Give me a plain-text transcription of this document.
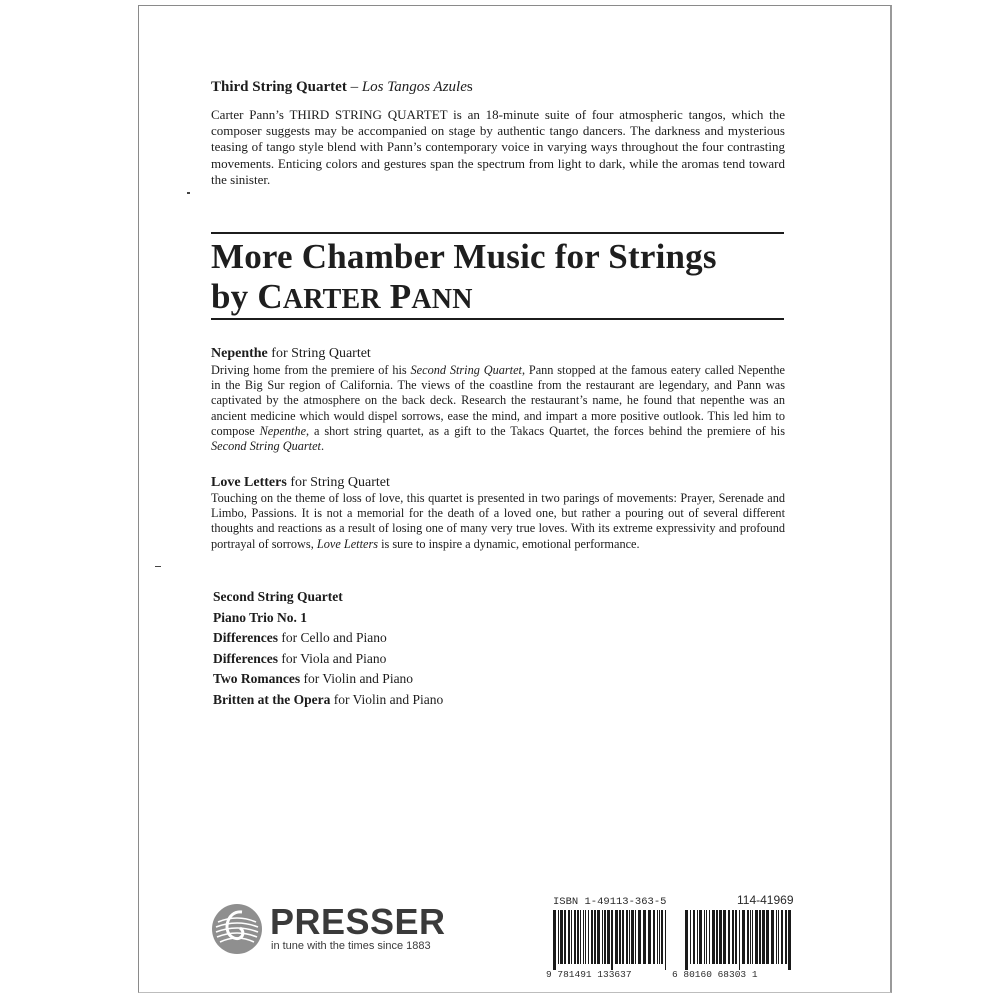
Third String Quartet – Los Tangos Azules
Carter Pann’s THIRD STRING QUARTET is an 18-minute suite of four atmospheric tangos, which the composer suggests may be accompanied on stage by authentic tango dancers. The darkness and mysterious teasing of tango style blend with Pann’s contemporary voice in varying ways throughout the four contrasting movements. Enticing colors and gestures span the spectrum from light to dark, while the aromas tend toward the sinister.
More Chamber Music for Strings
by CARTER PANN
Nepenthe for String Quartet
Driving home from the premiere of his Second String Quartet, Pann stopped at the famous eatery called Nepenthe in the Big Sur region of California. The views of the coastline from the restaurant are legendary, and Pann was captivated by the atmosphere on the back deck. Research the restaurant’s name, he found that nepenthe was an ancient medicine which would dispel sorrows, ease the mind, and impart a more positive outlook. This led him to compose Nepenthe, a short string quartet, as a gift to the Takacs Quartet, the forces behind the premiere of his Second String Quartet.
Love Letters for String Quartet
Touching on the theme of loss of love, this quartet is presented in two parings of movements: Prayer, Serenade and Limbo, Passions. It is not a memorial for the death of a loved one, but rather a pouring out of several different thoughts and reactions as a result of losing one of many very true loves. With its extreme expressivity and profound portrayal of sorrows, Love Letters is sure to inspire a dynamic, emotional performance.
Second String Quartet
Piano Trio No. 1
Differences for Cello and Piano
Differences for Viola and Piano
Two Romances for Violin and Piano
Britten at the Opera for Violin and Piano
PRESSER
in tune with the times since 1883
ISBN 1-49113-363-5	114-41969
9 781491 133637	6 80160 68303 1
